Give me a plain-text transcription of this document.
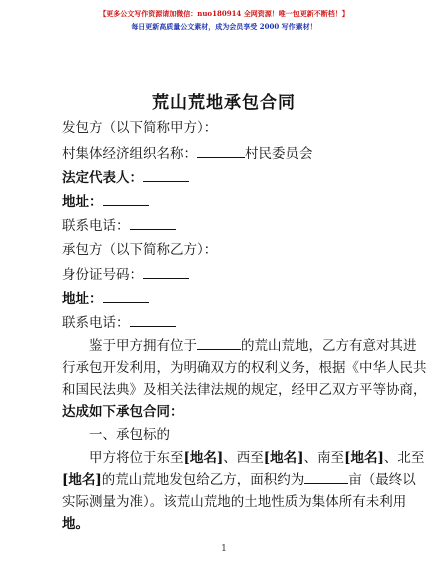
【更多公文写作资源请加微信：nuo180914 全网资源！唯一包更新不断档！】
每日更新高质量公文素材，成为会员享受 2000 写作素材！
荒山荒地承包合同
发包方（以下简称甲方）：
村集体经济组织名称：	村民委员会
法定代表人：
地址：
联系电话：
承包方（以下简称乙方）：
身份证号码：
地址：
联系电话：
鉴于甲方拥有位于	的荒山荒地，乙方有意对其进
行承包开发利用，为明确双方的权利义务，根据《中华人民共
和国民法典》及相关法律法规的规定，经甲乙双方平等协商，
达成如下承包合同：
一、承包标的
甲方将位于东至[地名]、西至[地名]、南至[地名]、北至
[地名]的荒山荒地发包给乙方，面积约为	亩（最终以
实际测量为准）。该荒山荒地的土地性质为集体所有未利用
地。
1
